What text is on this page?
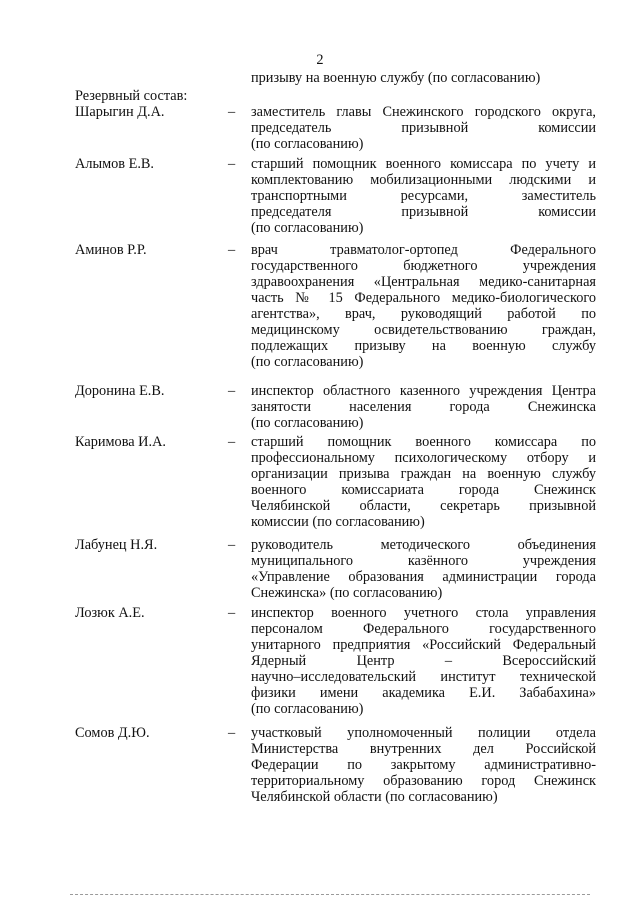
2
призыву на военную службу (по согласованию)
Резервный состав:
Шарыгин Д.А.	– заместитель главы Снежинского городского округа,
председатель призывной комиссии
(по согласованию)
Алымов Е.В.	– старший помощник военного комиссара по учету и
комплектованию мобилизационными людскими и
транспортными ресурсами, заместитель
председателя призывной комиссии
(по согласованию)
Аминов Р.Р.	– врач травматолог-ортопед Федерального
государственного бюджетного учреждения
здравоохранения «Центральная медико-санитарная
часть № 15 Федерального медико-биологического
агентства», врач, руководящий работой по
медицинскому освидетельствованию граждан,
подлежащих призыву на военную службу
(по согласованию)
Доронина Е.В.	– инспектор областного казенного учреждения Центра
занятости населения города Снежинска
(по согласованию)
Каримова И.А.	– старший помощник военного комиссара по
профессиональному психологическому отбору и
организации призыва граждан на военную службу
военного комиссариата города Снежинск
Челябинской области, секретарь призывной
комиссии (по согласованию)
Лабунец Н.Я.	– руководитель методического объединения
муниципального казённого учреждения
«Управление образования администрации города
Снежинска» (по согласованию)
Лозюк А.Е.	– инспектор военного учетного стола управления
персоналом Федерального государственного
унитарного предприятия «Российский Федеральный
Ядерный Центр – Всероссийский
научно–исследовательский институт технической
физики имени академика Е.И. Забабахина»
(по согласованию)
Сомов Д.Ю.	– участковый уполномоченный полиции отдела
Министерства внутренних дел Российской
Федерации по закрытому административно-
территориальному образованию город Снежинск
Челябинской области (по согласованию)
